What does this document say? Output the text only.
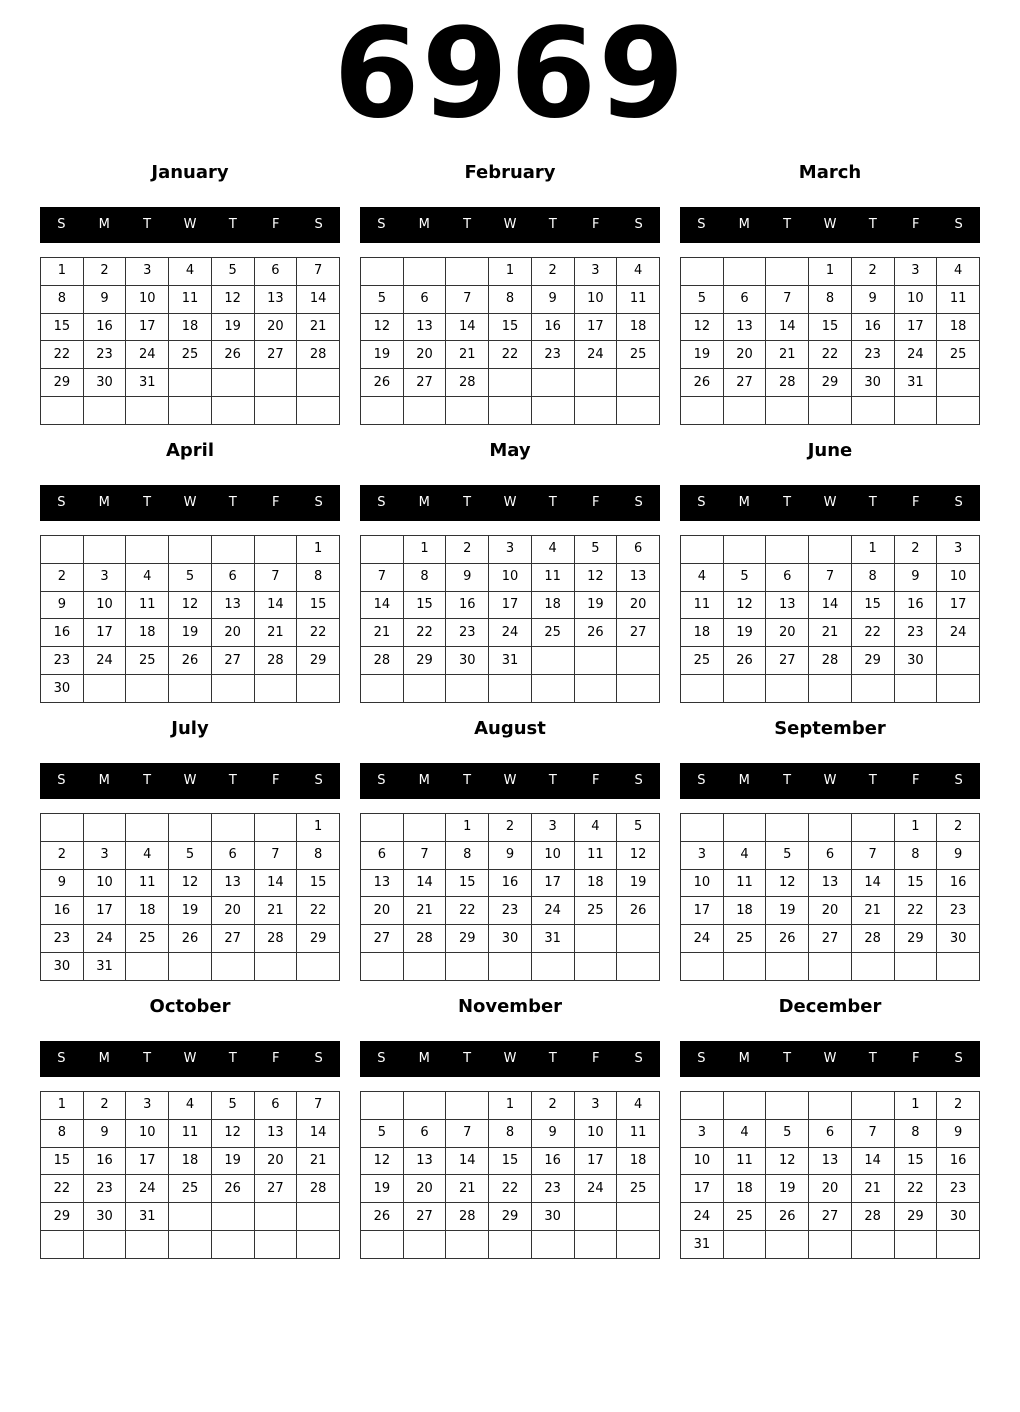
6969
January
S	M	T	W	T	F	S
1	2	3	4	5	6	7
8	9	10	11	12	13	14
15	16	17	18	19	20	21
22	23	24	25	26	27	28
29	30	31				

February
S	M	T	W	T	F	S
			1	2	3	4
5	6	7	8	9	10	11
12	13	14	15	16	17	18
19	20	21	22	23	24	25
26	27	28				

March
S	M	T	W	T	F	S
			1	2	3	4
5	6	7	8	9	10	11
12	13	14	15	16	17	18
19	20	21	22	23	24	25
26	27	28	29	30	31	

April
S	M	T	W	T	F	S
						1
2	3	4	5	6	7	8
9	10	11	12	13	14	15
16	17	18	19	20	21	22
23	24	25	26	27	28	29
30						
May
S	M	T	W	T	F	S
	1	2	3	4	5	6
7	8	9	10	11	12	13
14	15	16	17	18	19	20
21	22	23	24	25	26	27
28	29	30	31			

June
S	M	T	W	T	F	S
				1	2	3
4	5	6	7	8	9	10
11	12	13	14	15	16	17
18	19	20	21	22	23	24
25	26	27	28	29	30	

July
S	M	T	W	T	F	S
						1
2	3	4	5	6	7	8
9	10	11	12	13	14	15
16	17	18	19	20	21	22
23	24	25	26	27	28	29
30	31					
August
S	M	T	W	T	F	S
		1	2	3	4	5
6	7	8	9	10	11	12
13	14	15	16	17	18	19
20	21	22	23	24	25	26
27	28	29	30	31		

September
S	M	T	W	T	F	S
					1	2
3	4	5	6	7	8	9
10	11	12	13	14	15	16
17	18	19	20	21	22	23
24	25	26	27	28	29	30

October
S	M	T	W	T	F	S
1	2	3	4	5	6	7
8	9	10	11	12	13	14
15	16	17	18	19	20	21
22	23	24	25	26	27	28
29	30	31				

November
S	M	T	W	T	F	S
			1	2	3	4
5	6	7	8	9	10	11
12	13	14	15	16	17	18
19	20	21	22	23	24	25
26	27	28	29	30		

December
S	M	T	W	T	F	S
					1	2
3	4	5	6	7	8	9
10	11	12	13	14	15	16
17	18	19	20	21	22	23
24	25	26	27	28	29	30
31						
